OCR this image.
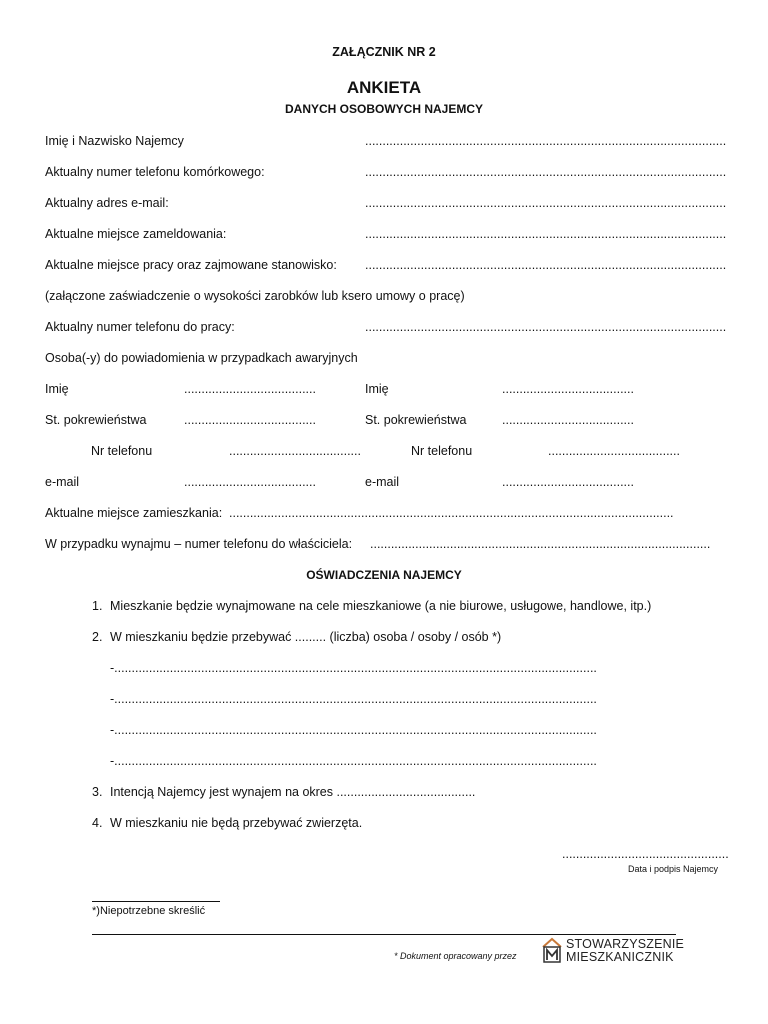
ZAŁĄCZNIK NR 2
ANKIETA
DANYCH OSOBOWYCH NAJEMCY
Imię i Nazwisko Najemcy	........................................................................................................
Aktualny numer telefonu komórkowego:	........................................................................................................
Aktualny adres e-mail:	........................................................................................................
Aktualne miejsce zameldowania:	........................................................................................................
Aktualne miejsce pracy oraz zajmowane stanowisko: ........................................................................................................
(załączone zaświadczenie o wysokości zarobków lub ksero umowy o pracę)
Aktualny numer telefonu do pracy:	........................................................................................................
Osoba(-y) do powiadomienia w przypadkach awaryjnych
Imię	......................................	Imię	......................................
St. pokrewieństwa	......................................	St. pokrewieństwa	......................................
Nr telefonu	......................................	Nr telefonu	......................................
e-mail	......................................	e-mail	......................................
Aktualne miejsce zamieszkania: ................................................................................................................................
W przypadku wynajmu – numer telefonu do właściciela: ..................................................................................................
OŚWIADCZENIA NAJEMCY
1. Mieszkanie będzie wynajmowane na cele mieszkaniowe (a nie biurowe, usługowe, handlowe, itp.)
2. W mieszkaniu będzie przebywać ......... (liczba) osoba / osoby / osób *)
-...........................................................................................................................................
-...........................................................................................................................................
-...........................................................................................................................................
-...........................................................................................................................................
3. Intencją Najemcy jest wynajem na okres ........................................
4. W mieszkaniu nie będą przebywać zwierzęta.
................................................
Data i podpis Najemcy
*)Niepotrzebne skreślić
* Dokument opracowany przez
STOWARZYSZENIE
MIESZKANICZNIK
